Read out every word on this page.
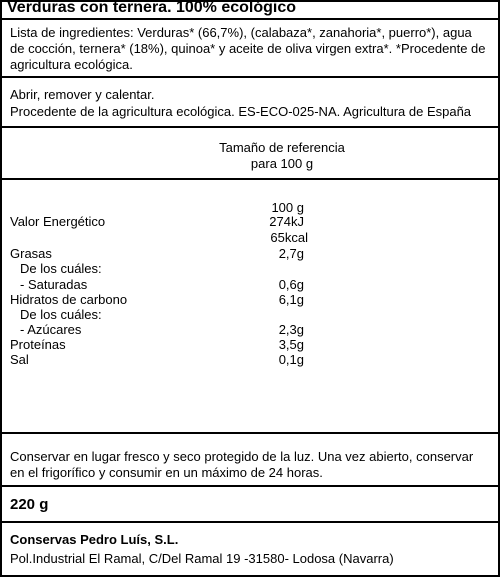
Verduras con ternera. 100% ecológico
Lista de ingredientes: Verduras* (66,7%), (calabaza*, zanahoria*, puerro*), agua
de cocción, ternera* (18%), quinoa* y aceite de oliva virgen extra*. *Procedente de
agricultura ecológica.
Abrir, remover y calentar.
Procedente de la agricultura ecológica. ES-ECO-025-NA. Agricultura de España
Tamaño de referencia
para 100 g
100 g
Valor Energético	274kJ
65kcal
Grasas	2,7g
De los cuáles:
- Saturadas	0,6g
Hidratos de carbono	6,1g
De los cuáles:
- Azúcares	2,3g
Proteínas	3,5g
Sal	0,1g
Conservar en lugar fresco y seco protegido de la luz. Una vez abierto, conservar
en el frigorífico y consumir en un máximo de 24 horas.
220 g
Conservas Pedro Luís, S.L.
Pol.Industrial El Ramal, C/Del Ramal 19 -31580- Lodosa (Navarra)
